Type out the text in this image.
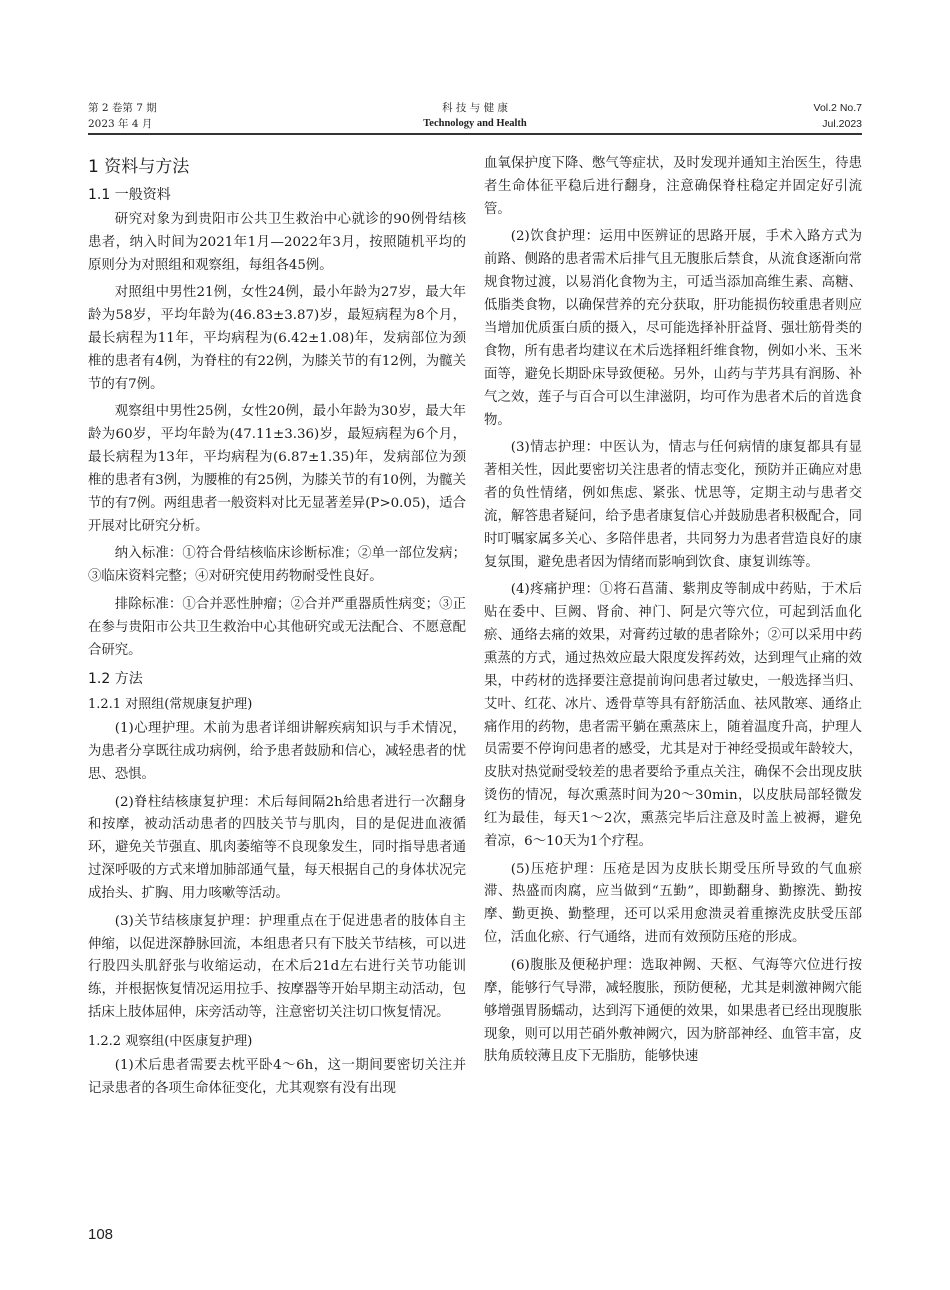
第 2 卷第 7 期
2023 年 4 月
科 技 与 健 康
Technology and Health
Vol.2 No.7
Jul.2023
1 资料与方法
1.1 一般资料

研究对象为到贵阳市公共卫生救治中心就诊的90例骨结核患者，纳入时间为2021年1月—2022年3月，按照随机平均的原则分为对照组和观察组，每组各45例。

对照组中男性21例，女性24例，最小年龄为27岁，最大年龄为58岁，平均年龄为(46.83±3.87)岁，最短病程为8个月，最长病程为11年，平均病程为(6.42±1.08)年，发病部位为颈椎的患者有4例，为脊柱的有22例，为膝关节的有12例，为髋关节的有7例。

观察组中男性25例，女性20例，最小年龄为30岁，最大年龄为60岁，平均年龄为(47.11±3.36)岁，最短病程为6个月，最长病程为13年，平均病程为(6.87±1.35)年，发病部位为颈椎的患者有3例，为腰椎的有25例，为膝关节的有10例，为髋关节的有7例。两组患者一般资料对比无显著差异(P>0.05)，适合开展对比研究分析。

纳入标准：①符合骨结核临床诊断标准；②单一部位发病；③临床资料完整；④对研究使用药物耐受性良好。

排除标准：①合并恶性肿瘤；②合并严重器质性病变；③正在参与贵阳市公共卫生救治中心其他研究或无法配合、不愿意配合研究。

1.2 方法
1.2.1 对照组(常规康复护理)

(1)心理护理。术前为患者详细讲解疾病知识与手术情况，为患者分享既往成功病例，给予患者鼓励和信心，减轻患者的忧思、恐惧。

(2)脊柱结核康复护理：术后每间隔2h给患者进行一次翻身和按摩，被动活动患者的四肢关节与肌肉，目的是促进血液循环，避免关节强直、肌肉萎缩等不良现象发生，同时指导患者通过深呼吸的方式来增加肺部通气量，每天根据自己的身体状况完成抬头、扩胸、用力咳嗽等活动。

(3)关节结核康复护理：护理重点在于促进患者的肢体自主伸缩，以促进深静脉回流，本组患者只有下肢关节结核，可以进行股四头肌舒张与收缩运动，在术后21d左右进行关节功能训练，并根据恢复情况运用拉手、按摩器等开始早期主动活动，包括床上肢体屈伸，床旁活动等，注意密切关注切口恢复情况。

1.2.2 观察组(中医康复护理)

(1)术后患者需要去枕平卧4～6h，这一期间要密切关注并记录患者的各项生命体征变化，尤其观察有没有出现

血氧保护度下降、憋气等症状，及时发现并通知主治医生，待患者生命体征平稳后进行翻身，注意确保脊柱稳定并固定好引流管。

(2)饮食护理：运用中医辨证的思路开展，手术入路方式为前路、侧路的患者需术后排气且无腹胀后禁食，从流食逐渐向常规食物过渡，以易消化食物为主，可适当添加高维生素、高糖、低脂类食物，以确保营养的充分获取，肝功能损伤较重患者则应当增加优质蛋白质的摄入，尽可能选择补肝益肾、强壮筋骨类的食物，所有患者均建议在术后选择粗纤维食物，例如小米、玉米面等，避免长期卧床导致便秘。另外，山药与芋艿具有润肠、补气之效，莲子与百合可以生津滋阴，均可作为患者术后的首选食物。

(3)情志护理：中医认为，情志与任何病情的康复都具有显著相关性，因此要密切关注患者的情志变化，预防并正确应对患者的负性情绪，例如焦虑、紧张、忧思等，定期主动与患者交流，解答患者疑问，给予患者康复信心并鼓励患者积极配合，同时叮嘱家属多关心、多陪伴患者，共同努力为患者营造良好的康复氛围，避免患者因为情绪而影响到饮食、康复训练等。

(4)疼痛护理：①将石菖蒲、紫荆皮等制成中药贴，于术后贴在委中、巨阙、肾俞、神门、阿是穴等穴位，可起到活血化瘀、通络去痛的效果，对膏药过敏的患者除外；②可以采用中药熏蒸的方式，通过热效应最大限度发挥药效，达到理气止痛的效果，中药材的选择要注意提前询问患者过敏史，一般选择当归、艾叶、红花、冰片、透骨草等具有舒筋活血、祛风散寒、通络止痛作用的药物，患者需平躺在熏蒸床上，随着温度升高，护理人员需要不停询问患者的感受，尤其是对于神经受损或年龄较大，皮肤对热觉耐受较差的患者要给予重点关注，确保不会出现皮肤烫伤的情况，每次熏蒸时间为20～30min，以皮肤局部轻微发红为最佳，每天1～2次，熏蒸完毕后注意及时盖上被褥，避免着凉，6～10天为1个疗程。

(5)压疮护理：压疮是因为皮肤长期受压所导致的气血瘀滞、热盛而肉腐，应当做到“五勤”，即勤翻身、勤擦洗、勤按摩、勤更换、勤整理，还可以采用愈溃灵着重擦洗皮肤受压部位，活血化瘀、行气通络，进而有效预防压疮的形成。

(6)腹胀及便秘护理：选取神阙、天枢、气海等穴位进行按摩，能够行气导滞，减轻腹胀，预防便秘，尤其是刺激神阙穴能够增强胃肠蠕动，达到泻下通便的效果，如果患者已经出现腹胀现象，则可以用芒硝外敷神阙穴，因为脐部神经、血管丰富，皮肤角质较薄且皮下无脂肪，能够快速

108
